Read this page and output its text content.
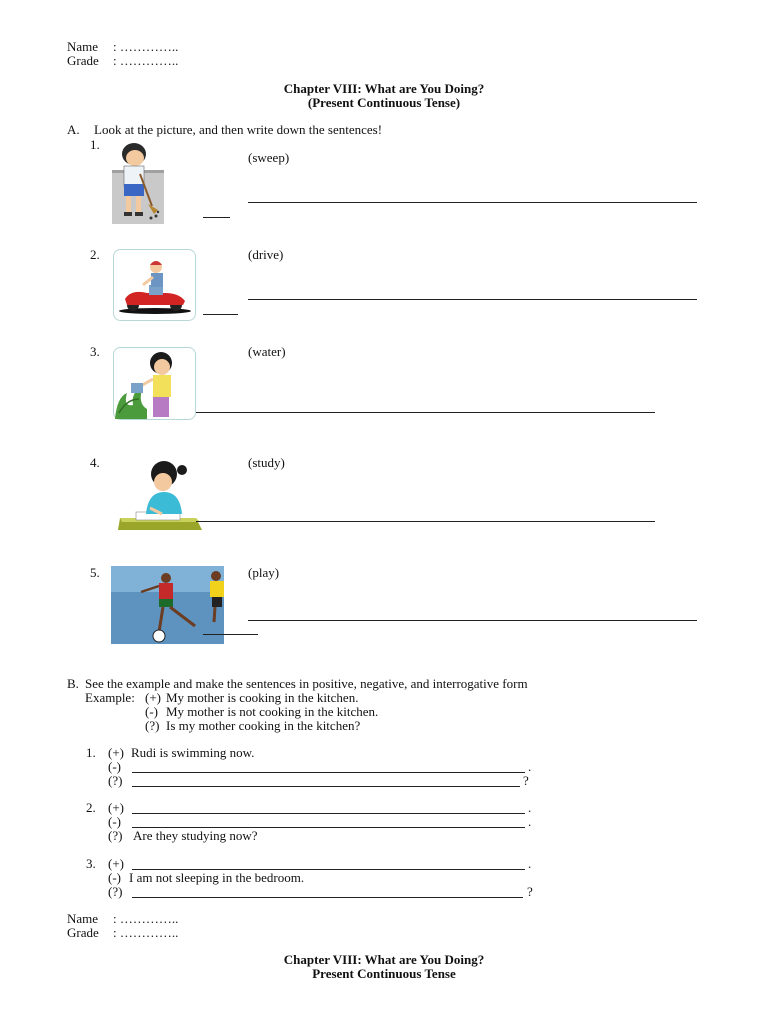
Name : …………..
Grade : …………..
Chapter VIII: What are You Doing?
(Present Continuous Tense)
A. Look at the picture, and then write down the sentences!
1.
(sweep)
2.	(drive)
3.	(water)
4.	(study)
5.	(play)
B. See the example and make the sentences in positive, negative, and interrogative form
Example: (+) My mother is cooking in the kitchen.
(-) My mother is not cooking in the kitchen.
(?) Is my mother cooking in the kitchen?
1. (+) Rudi is swimming now.
(-)	.
(?)	?
2. (+)	.
(-)	.
(?) Are they studying now?
3. (+)	.
(-) I am not sleeping in the bedroom.
(?)	?
Name : …………..
Grade : …………..
Chapter VIII: What are You Doing?
Present Continuous Tense
